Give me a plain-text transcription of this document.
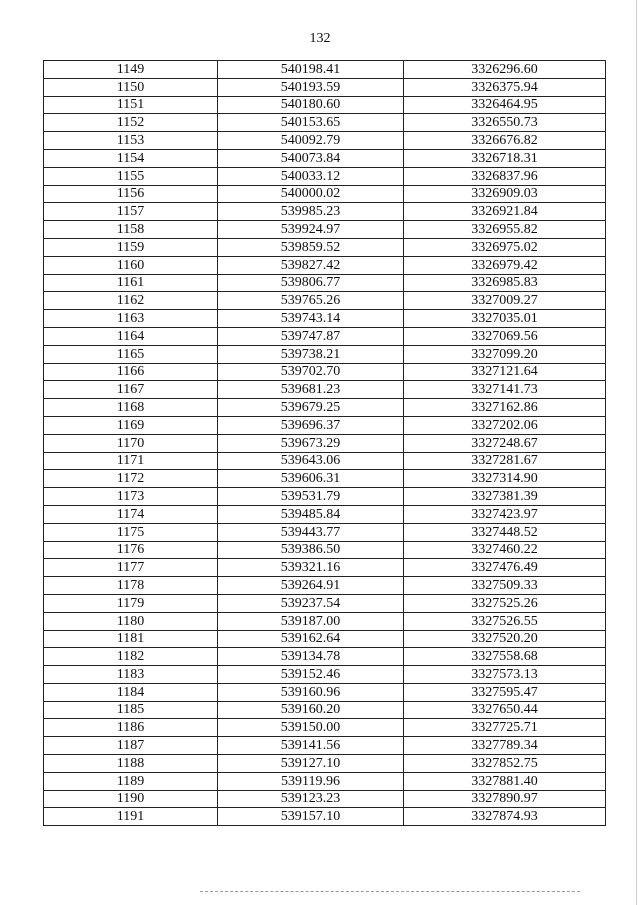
132
1149	540198.41	3326296.60
1150	540193.59	3326375.94
1151	540180.60	3326464.95
1152	540153.65	3326550.73
1153	540092.79	3326676.82
1154	540073.84	3326718.31
1155	540033.12	3326837.96
1156	540000.02	3326909.03
1157	539985.23	3326921.84
1158	539924.97	3326955.82
1159	539859.52	3326975.02
1160	539827.42	3326979.42
1161	539806.77	3326985.83
1162	539765.26	3327009.27
1163	539743.14	3327035.01
1164	539747.87	3327069.56
1165	539738.21	3327099.20
1166	539702.70	3327121.64
1167	539681.23	3327141.73
1168	539679.25	3327162.86
1169	539696.37	3327202.06
1170	539673.29	3327248.67
1171	539643.06	3327281.67
1172	539606.31	3327314.90
1173	539531.79	3327381.39
1174	539485.84	3327423.97
1175	539443.77	3327448.52
1176	539386.50	3327460.22
1177	539321.16	3327476.49
1178	539264.91	3327509.33
1179	539237.54	3327525.26
1180	539187.00	3327526.55
1181	539162.64	3327520.20
1182	539134.78	3327558.68
1183	539152.46	3327573.13
1184	539160.96	3327595.47
1185	539160.20	3327650.44
1186	539150.00	3327725.71
1187	539141.56	3327789.34
1188	539127.10	3327852.75
1189	539119.96	3327881.40
1190	539123.23	3327890.97
1191	539157.10	3327874.93
